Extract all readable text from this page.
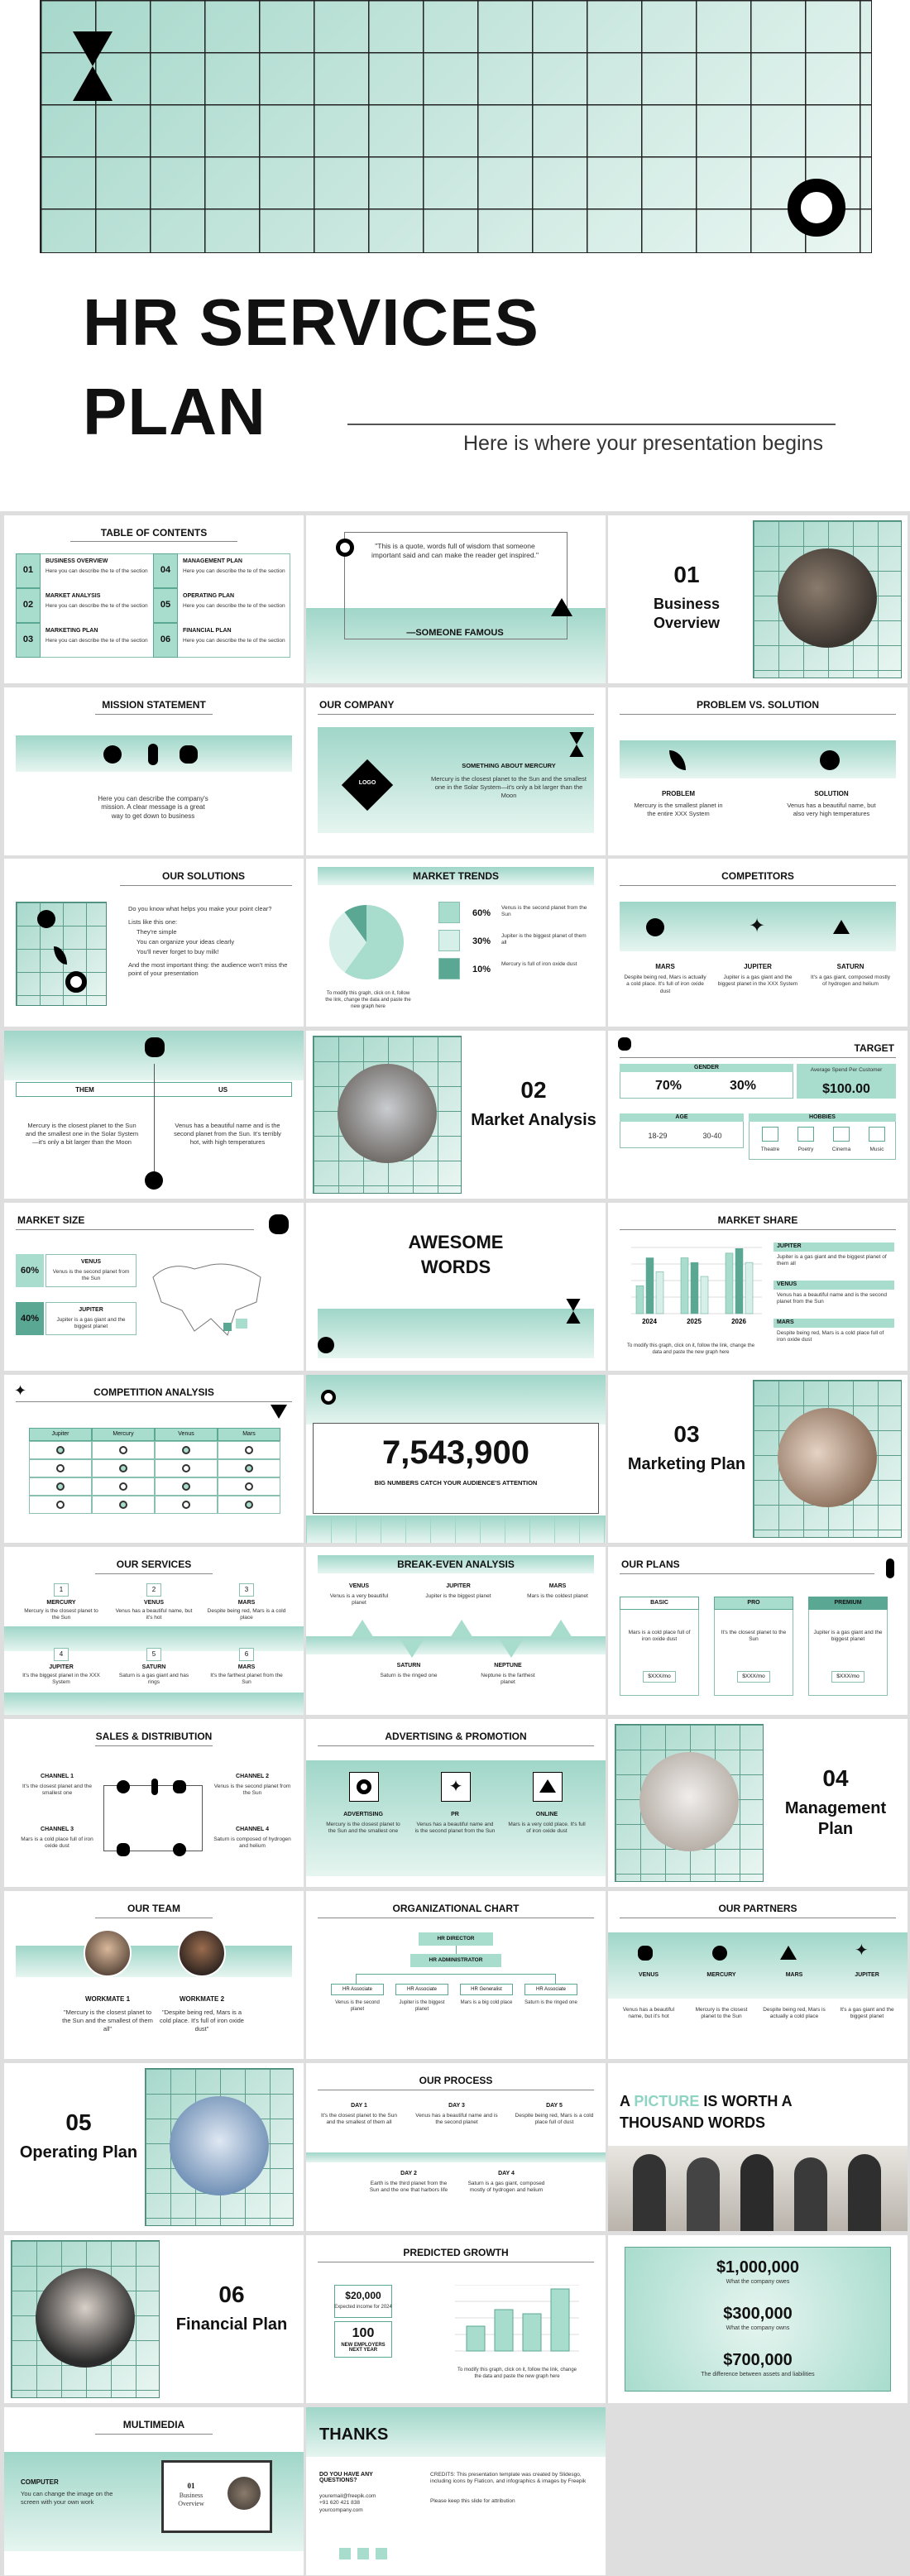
HR SERVICES
PLAN	Here is where your presentation begins
TABLE OF CONTENTS
01
BUSINESS OVERVIEW
Here you can describe the te of the section
02
MARKET ANALYSIS
Here you can describe the te of the section
03
MARKETING PLAN
Here you can describe the te of the section
04
MANAGEMENT PLAN
Here you can describe the te of the section
05
OPERATING PLAN
Here you can describe the te of the section
06
FINANCIAL PLAN
Here you can describe the te of the section
"This is a quote, words full of wisdom that someone important said and can make the reader get inspired."
—SOMEONE FAMOUS
01
Business Overview
MISSION STATEMENT
Here you can describe the company's mission. A clear message is a great way to get down to business
OUR COMPANY
LOGO
SOMETHING ABOUT MERCURY
Mercury is the closest planet to the Sun and the smallest one in the Solar System—it's only a bit larger than the Moon
PROBLEM VS. SOLUTION
PROBLEM
Mercury is the smallest planet in the entire XXX System
SOLUTION
Venus has a beautiful name, but also very high temperatures
OUR SOLUTIONS
Do you know what helps you make your point clear?
Lists like this one:
They're simple
You can organize your ideas clearly
You'll never forget to buy milk!
And the most important thing: the audience won't miss the point of your presentation
MARKET TRENDS
To modify this graph, click on it, follow the link, change the data and paste the new graph here
60%
Venus is the second planet from the Sun
30%
Jupiter is the biggest planet of them all
10%
Mercury is full of iron oxide dust
COMPETITORS
✦
MARS
Despite being red, Mars is actually a cold place. It's full of iron oxide dust
JUPITER
Jupiter is a gas giant and the biggest planet in the XXX System
SATURN
It's a gas giant, composed mostly of hydrogen and helium
THEM	US
Mercury is the closest planet to the Sun and the smallest one in the Solar System—it's only a bit larger than the Moon
Venus has a beautiful name and is the second planet from the Sun. It's terribly hot, with high temperatures
02
Market Analysis
TARGET
GENDER
70%	30%
Average Spend Per Customer
$100.00
AGE
18-29	30-40
HOBBIES
Theatre	Poetry	Cinema	Music
MARKET SIZE
60%
VENUS
Venus is the second planet from the Sun
40%
JUPITER
Jupiter is a gas giant and the biggest planet
AWESOME
WORDS
MARKET SHARE
2024	2025	2026
To modify this graph, click on it, follow the link, change the data and paste the new graph here
JUPITER
Jupiter is a gas giant and the biggest planet of them all
VENUS
Venus has a beautiful name and is the second planet from the Sun
MARS
Despite being red, Mars is a cold place full of iron oxide dust
✦	COMPETITION ANALYSIS
Jupiter	Mercury	Venus	Mars
7,543,900
BIG NUMBERS CATCH YOUR AUDIENCE'S ATTENTION
03
Marketing Plan
OUR SERVICES
1
MERCURY
Mercury is the closest planet to the Sun
2
VENUS
Venus has a beautiful name, but it's hot
3
MARS
Despite being red, Mars is a cold place
4
JUPITER
It's the biggest planet in the XXX System
5
SATURN
Saturn is a gas giant and has rings
6
MARS
It's the farthest planet from the Sun
BREAK-EVEN ANALYSIS
VENUS
Venus is a very beautiful planet
JUPITER
Jupiter is the biggest planet
MARS
Mars is the coldest planet
SATURN
Saturn is the ringed one
NEPTUNE
Neptune is the farthest planet
OUR PLANS
BASIC
Mars is a cold place full of iron oxide dust
$XXX/mo
PRO
It's the closest planet to the Sun
$XXX/mo
PREMIUM
Jupiter is a gas giant and the biggest planet
$XXX/mo
SALES & DISTRIBUTION
CHANNEL 1
It's the closest planet and the smallest one
CHANNEL 2
Venus is the second planet from the Sun
CHANNEL 3
Mars is a cold place full of iron oxide dust
CHANNEL 4
Saturn is composed of hydrogen and helium
ADVERTISING & PROMOTION
✦
ADVERTISING
Mercury is the closest planet to the Sun and the smallest one
PR
Venus has a beautiful name and is the second planet from the Sun
ONLINE
Mars is a very cold place. It's full of iron oxide dust
04
Management Plan
OUR TEAM
WORKMATE 1
"Mercury is the closest planet to the Sun and the smallest of them all"
WORKMATE 2
"Despite being red, Mars is a cold place. It's full of iron oxide dust"
ORGANIZATIONAL CHART
HR DIRECTOR
HR ADMINISTRATOR
HR Associate
Venus is the second planet
HR Associate
Jupiter is the biggest planet
HR Generalist
Mars is a big cold place
HR Associate
Saturn is the ringed one
OUR PARTNERS
✦
VENUS
Venus has a beautiful name, but it's hot
MERCURY
Mercury is the closest planet to the Sun
MARS
Despite being red, Mars is actually a cold place
JUPITER
It's a gas giant and the biggest planet
05
Operating Plan
OUR PROCESS
DAY 1
It's the closest planet to the Sun and the smallest of them all
DAY 3
Venus has a beautiful name and is the second planet
DAY 5
Despite being red, Mars is a cold place full of dust
DAY 2
Earth is the third planet from the Sun and the one that harbors life
DAY 4
Saturn is a gas giant, composed mostly of hydrogen and helium
A PICTURE IS WORTH A
THOUSAND WORDS
06
Financial Plan
PREDICTED GROWTH
$20,000
Expected income for 2024
100
NEW EMPLOYERS NEXT YEAR
To modify this graph, click on it, follow the link, change the data and paste the new graph here
$1,000,000
What the company owes
$300,000
What the company owns
$700,000
The difference between assets and liabilities
MULTIMEDIA
COMPUTER
You can change the image on the screen with your own work
01
Business Overview
THANKS
DO YOU HAVE ANY QUESTIONS?
youremail@freepik.com
+91 620 421 838
yourcompany.com
CREDITS: This presentation template was created by Slidesgo, including icons by Flaticon, and infographics & images by Freepik
Please keep this slide for attribution
